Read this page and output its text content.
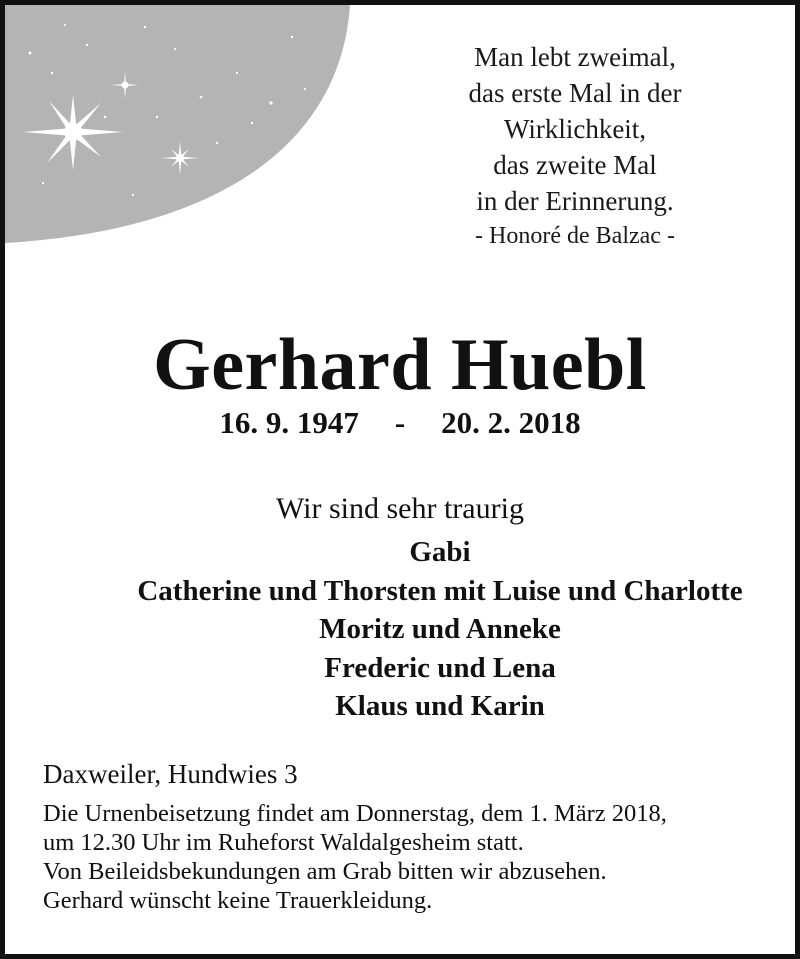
Man lebt zweimal,
das erste Mal in der
Wirklichkeit,
das zweite Mal
in der Erinnerung.
- Honoré de Balzac -
Gerhard Huebl
16. 9. 1947 - 20. 2. 2018
Wir sind sehr traurig
Gabi
Catherine und Thorsten mit Luise und Charlotte
Moritz und Anneke
Frederic und Lena
Klaus und Karin
Daxweiler, Hundwies 3
Die Urnenbeisetzung findet am Donnerstag, dem 1. März 2018,
um 12.30 Uhr im Ruheforst Waldalgesheim statt.
Von Beileidsbekundungen am Grab bitten wir abzusehen.
Gerhard wünscht keine Trauerkleidung.
